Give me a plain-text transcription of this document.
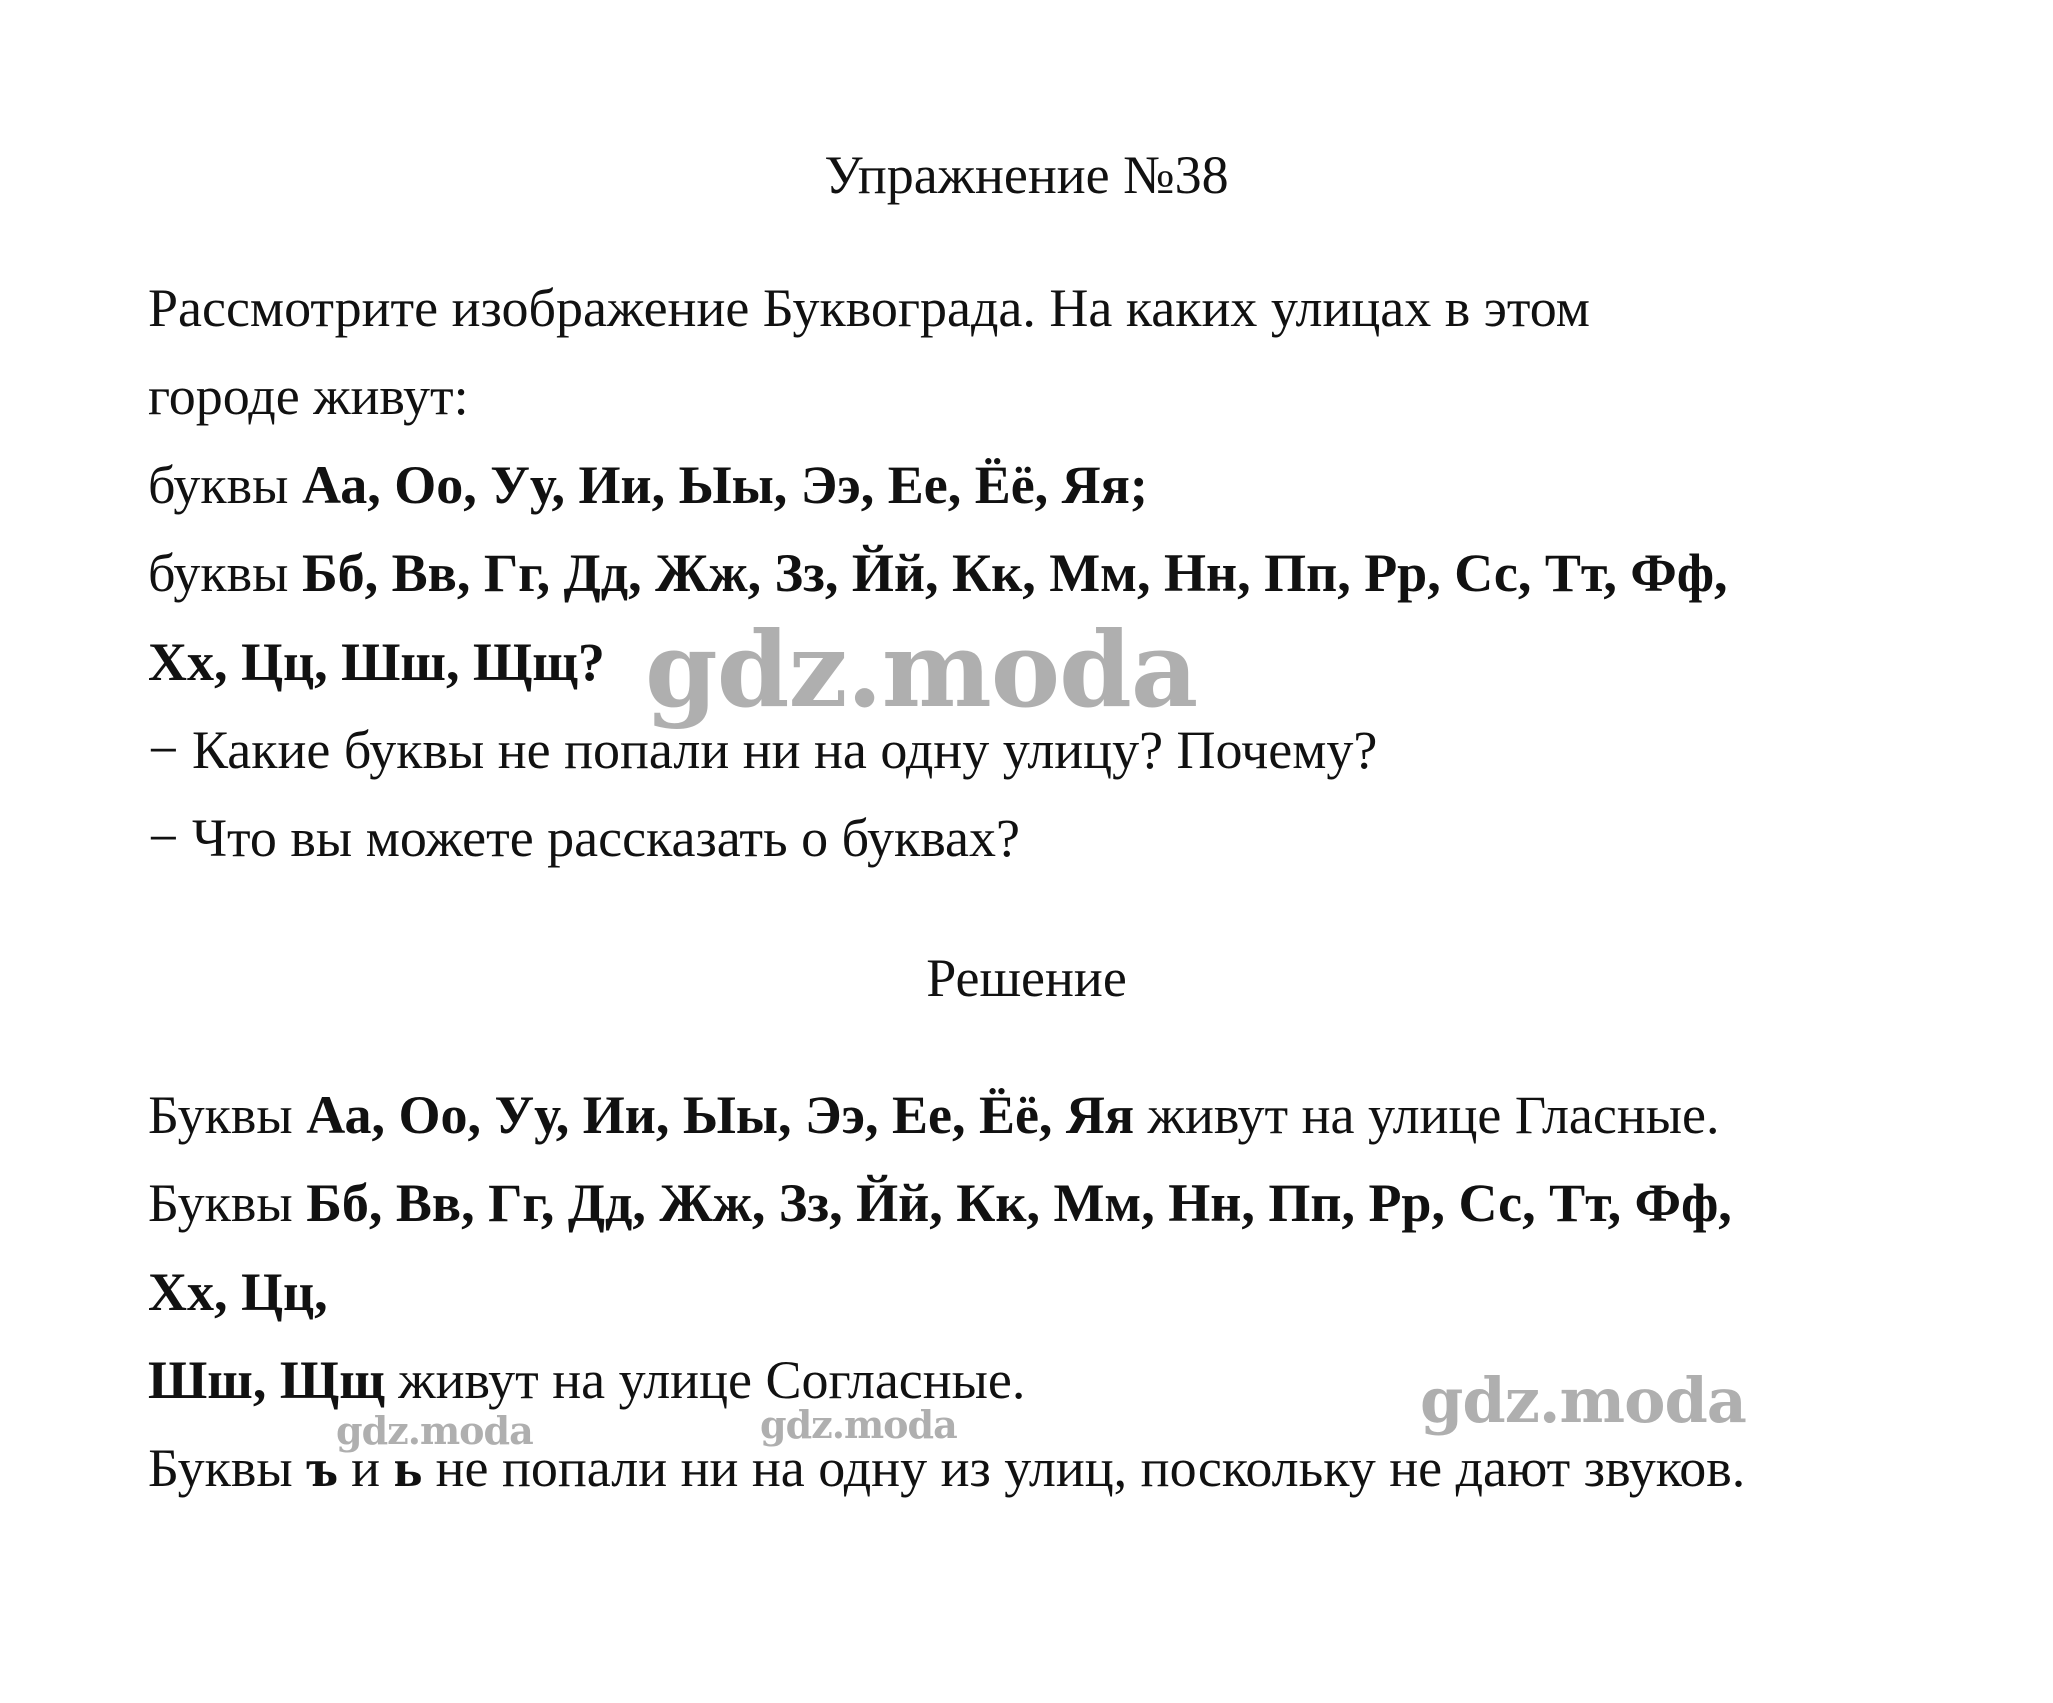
Упражнение №38
Рассмотрите изображение Буквограда. На каких улицах в этом
городе живут:
буквы Аа, Оо, Уу, Ии, Ыы, Ээ, Ее, Ёё, Яя;
буквы Бб, Вв, Гг, Дд, Жж, Зз, Йй, Кк, Мм, Нн, Пп, Рр, Сс, Тт, Фф,
Хх, Цц, Шш, Щщ?
− Какие буквы не попали ни на одну улицу? Почему?
− Что вы можете рассказать о буквах?
Решение
Буквы Аа, Оо, Уу, Ии, Ыы, Ээ, Ее, Ёё, Яя живут на улице Гласные.
Буквы Бб, Вв, Гг, Дд, Жж, Зз, Йй, Кк, Мм, Нн, Пп, Рр, Сс, Тт, Фф,
Хх, Цц,
Шш, Щщ живут на улице Согласные.
Буквы ъ и ь не попали ни на одну из улиц, поскольку не дают звуков.
gdz.moda
gdz.moda
gdz.moda
gdz.moda
